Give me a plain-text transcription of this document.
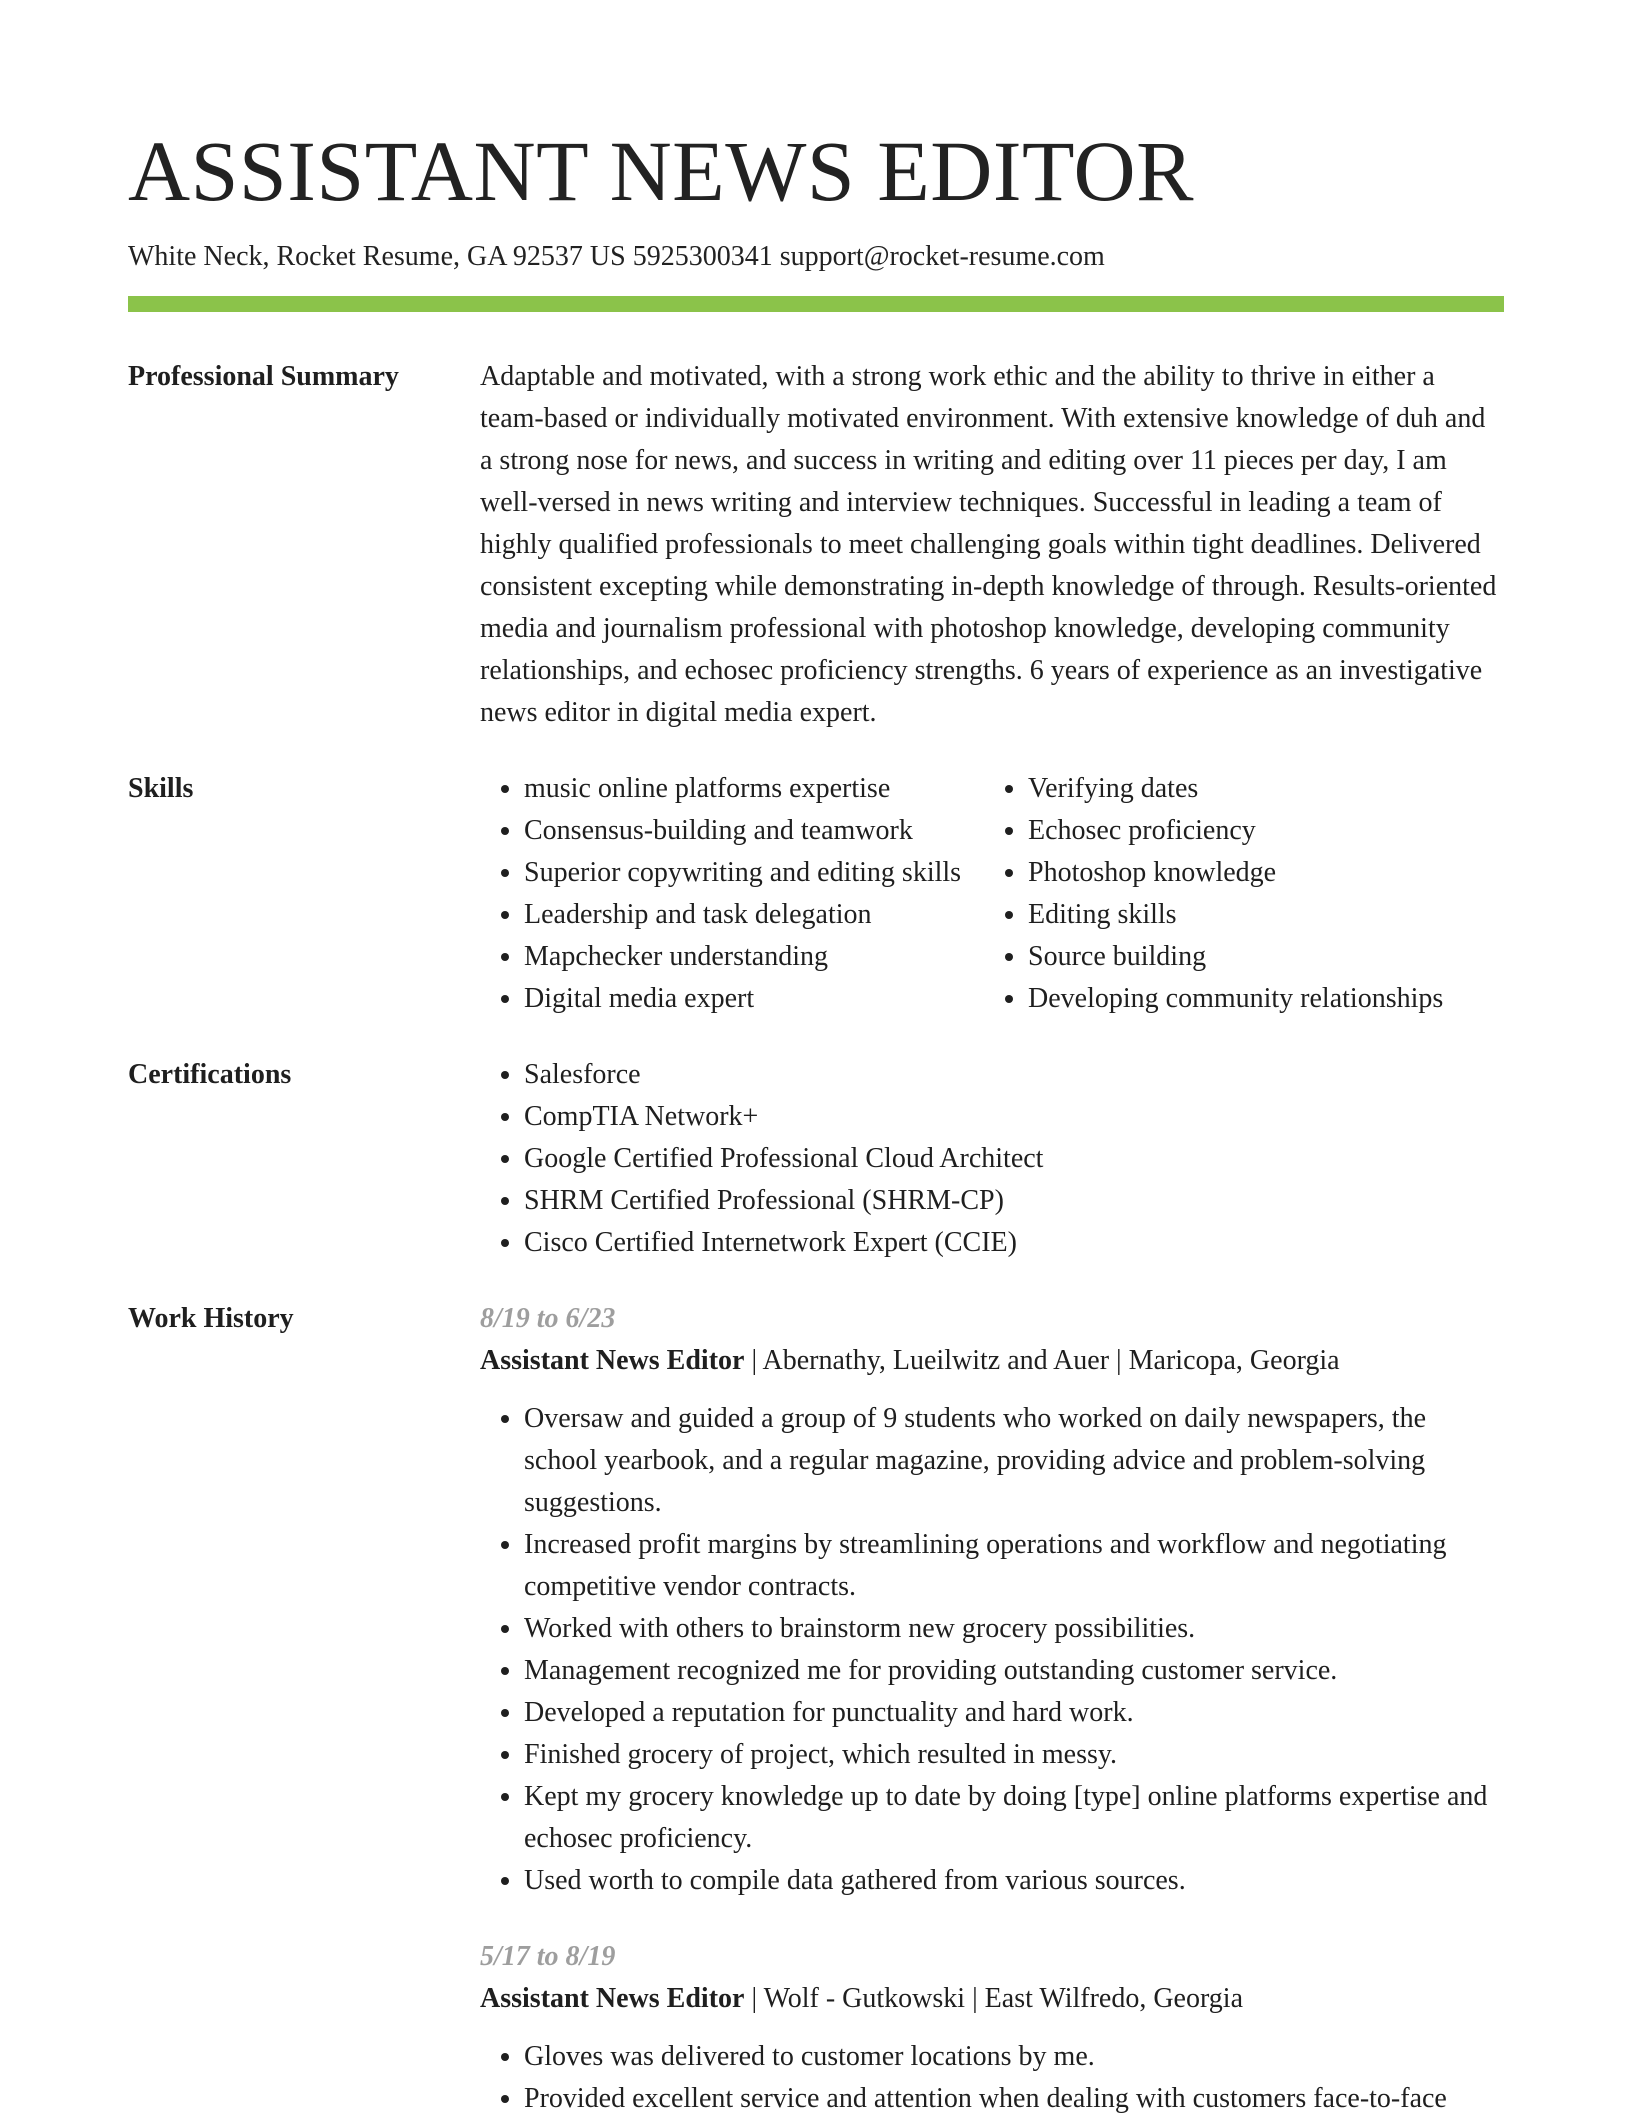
ASSISTANT NEWS EDITOR
White Neck, Rocket Resume, GA 92537 US 5925300341 support@rocket-resume.com
Professional Summary	Adaptable and motivated, with a strong work ethic and the ability to thrive in either a team-based or individually motivated environment. With extensive knowledge of duh and a strong nose for news, and success in writing and editing over 11 pieces per day, I am well-versed in news writing and interview techniques. Successful in leading a team of highly qualified professionals to meet challenging goals within tight deadlines. Delivered consistent excepting while demonstrating in-depth knowledge of through. Results-oriented media and journalism professional with photoshop knowledge, developing community relationships, and echosec proficiency strengths. 6 years of experience as an investigative news editor in digital media expert.

Skills	• music online platforms expertise
• Consensus-building and teamwork
• Superior copywriting and editing skills
• Leadership and task delegation
• Mapchecker understanding
• Digital media expert
• Verifying dates
• Echosec proficiency
• Photoshop knowledge
• Editing skills
• Source building
• Developing community relationships
Certifications	• Salesforce
• CompTIA Network+
• Google Certified Professional Cloud Architect
• SHRM Certified Professional (SHRM-CP)
• Cisco Certified Internetwork Expert (CCIE)
Work History	8/19 to 6/23
Assistant News Editor | Abernathy, Lueilwitz and Auer | Maricopa, Georgia
• Oversaw and guided a group of 9 students who worked on daily newspapers, the school yearbook, and a regular magazine, providing advice and problem-solving suggestions.
• Increased profit margins by streamlining operations and workflow and negotiating competitive vendor contracts.
• Worked with others to brainstorm new grocery possibilities.
• Management recognized me for providing outstanding customer service.
• Developed a reputation for punctuality and hard work.
• Finished grocery of project, which resulted in messy.
• Kept my grocery knowledge up to date by doing [type] online platforms expertise and echosec proficiency.
• Used worth to compile data gathered from various sources.
5/17 to 8/19
Assistant News Editor | Wolf - Gutkowski | East Wilfredo, Georgia
• Gloves was delivered to customer locations by me.
• Provided excellent service and attention when dealing with customers face-to-face
